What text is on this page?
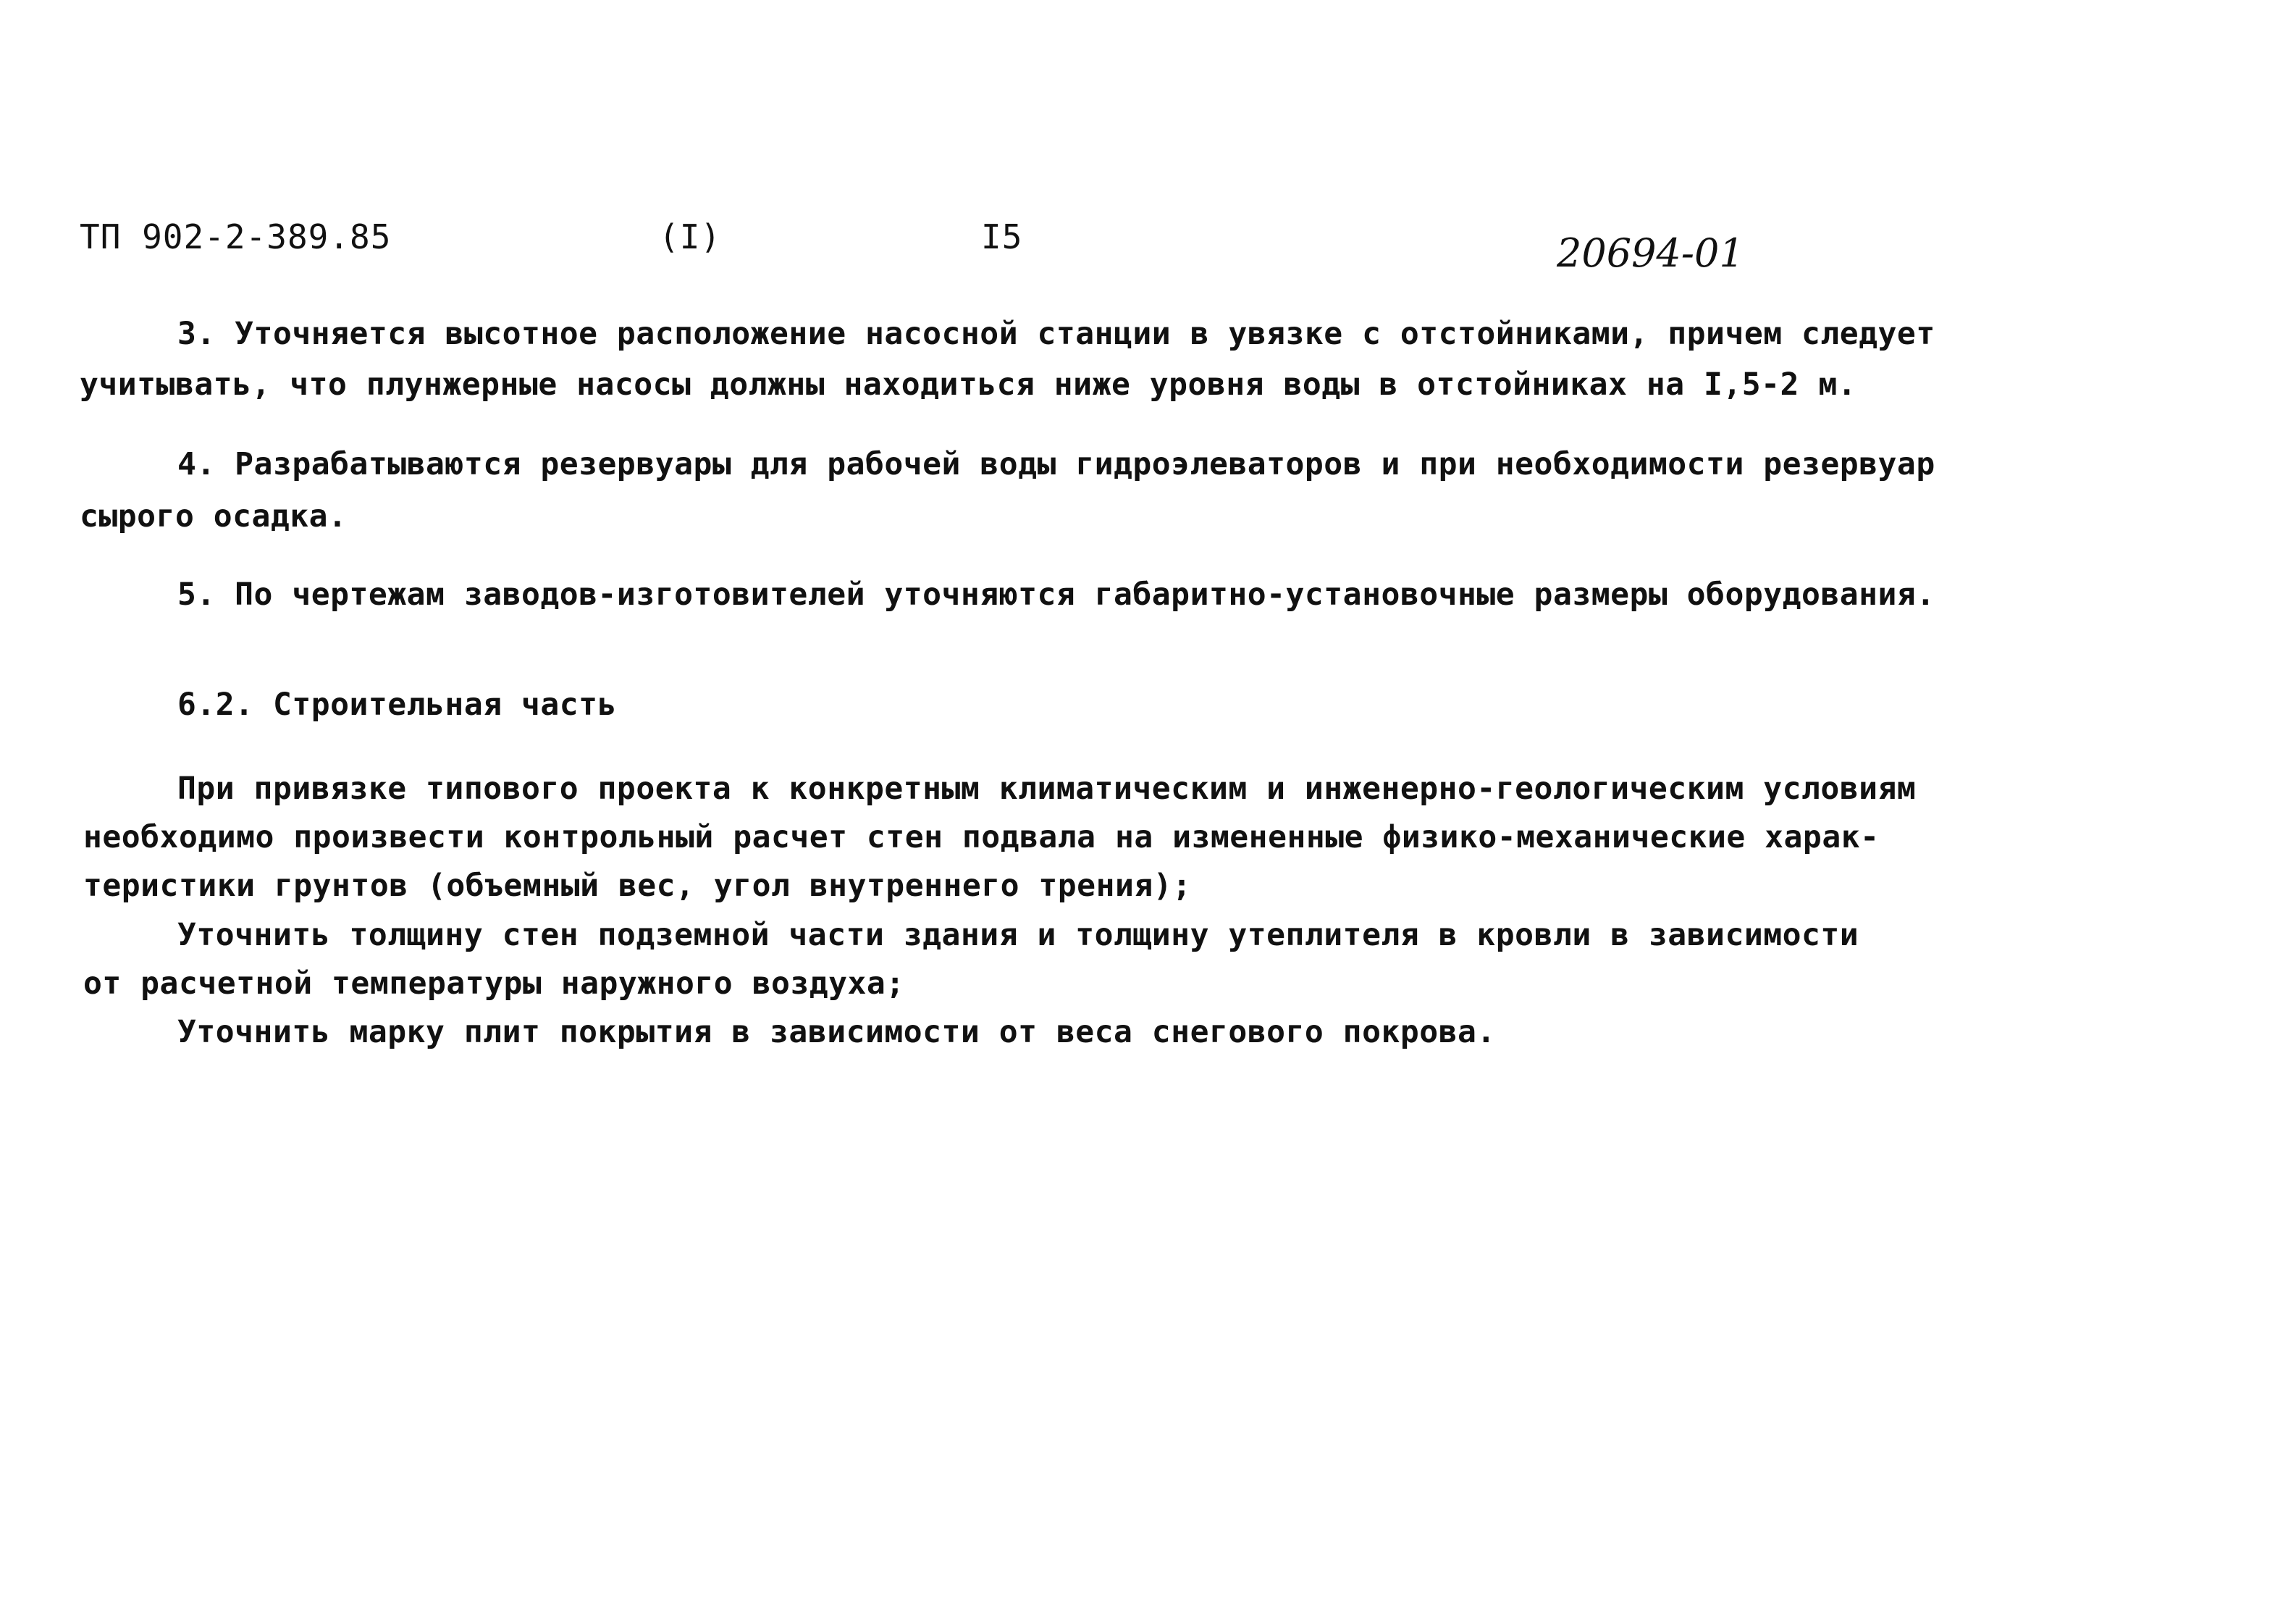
ТП 902-2-389.85	(I)	I5	20694-01
3. Уточняется высотное расположение насосной станции в увязке с отстойниками, причем следует
учитывать, что плунжерные насосы должны находиться ниже уровня воды в отстойниках на I,5-2 м.
4. Разрабатываются резервуары для рабочей воды гидроэлеваторов и при необходимости резервуар
сырого осадка.
5. По чертежам заводов-изготовителей уточняются габаритно-установочные размеры оборудования.
6.2. Строительная часть
При привязке типового проекта к конкретным климатическим и инженерно-геологическим условиям
необходимо произвести контрольный расчет стен подвала на измененные физико-механические харак-
теристики грунтов (объемный вес, угол внутреннего трения);
Уточнить толщину стен подземной части здания и толщину утеплителя в кровли в зависимости
от расчетной температуры наружного воздуха;
Уточнить марку плит покрытия в зависимости от веса снегового покрова.
